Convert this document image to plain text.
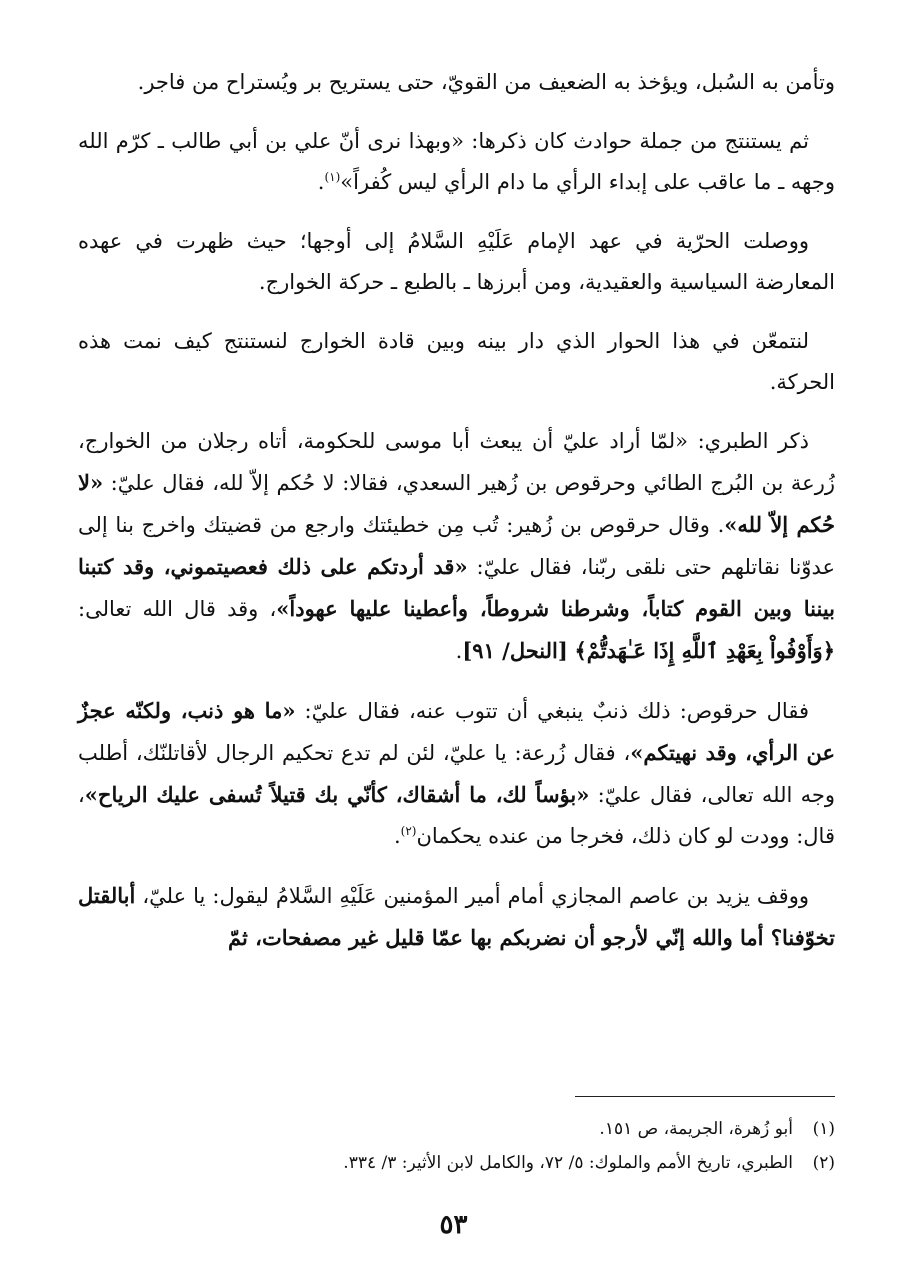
وتأمن به السُبل، ويؤخذ به الضعيف من القويّ، حتى يستريح بر ويُستراح من فاجر.

ثم يستنتج من جملة حوادث كان ذكرها: «وبهذا نرى أنّ علي بن أبي طالب ـ كرّم الله وجهه ـ ما عاقب على إبداء الرأي ما دام الرأي ليس كُفراً»$^{(١)}$.

ووصلت الحرّية في عهد الإمام عَلَيْهِ السَّلامُ إلى أوجها؛ حيث ظهرت في عهده المعارضة السياسية والعقيدية، ومن أبرزها ـ بالطبع ـ حركة الخوارج.

لنتمعّن في هذا الحوار الذي دار بينه وبين قادة الخوارج لنستنتج كيف نمت هذه الحركة.

ذكر الطبري: «لمّا أراد عليّ أن يبعث أبا موسى للحكومة، أتاه رجلان من الخوارج، زُرعة بن البُرج الطائي وحرقوص بن زُهير السعدي، فقالا: لا حُكم إلاّ لله، فقال عليّ: «لا حُكم إلاّ لله». وقال حرقوص بن زُهير: تُب مِن خطيئتك وارجع من قضيتك واخرج بنا إلى عدوّنا نقاتلهم حتى نلقى ربّنا، فقال عليّ: «قد أردتكم على ذلك فعصيتموني، وقد كتبنا بيننا وبين القوم كتاباً، وشرطنا شروطاً، وأعطينا عليها عهوداً»، وقد قال الله تعالى: ﴿وَأَوْفُواْ بِعَهْدِ ٱللَّهِ إِذَا عَـٰهَدتُّمْ﴾ [النحل/ ٩١].

فقال حرقوص: ذلك ذنبٌ ينبغي أن تتوب عنه، فقال عليّ: «ما هو ذنب، ولكنّه عجزٌ عن الرأي، وقد نهيتكم»، فقال زُرعة: يا عليّ، لئن لم تدع تحكيم الرجال لأقاتلنّك، أطلب وجه الله تعالى، فقال عليّ: «بؤساً لك، ما أشقاك، كأنّي بك قتيلاً تُسفى عليك الرياح»، قال: وودت لو كان ذلك، فخرجا من عنده يحكمان$^{(٢)}$.

ووقف يزيد بن عاصم المجازي أمام أمير المؤمنين عَلَيْهِ السَّلامُ ليقول: يا عليّ، أبالقتل تخوّفنا؟ أما والله إنّي لأرجو أن نضربكم بها عمّا قليل غير مصفحات، ثمّ

(١)أبو زُهرة، الجريمة، ص ١٥١.
(٢)الطبري، تاريخ الأمم والملوك: ٥/ ٧٢، والكامل لابن الأثير: ٣/ ٣٣٤.
٥٣
